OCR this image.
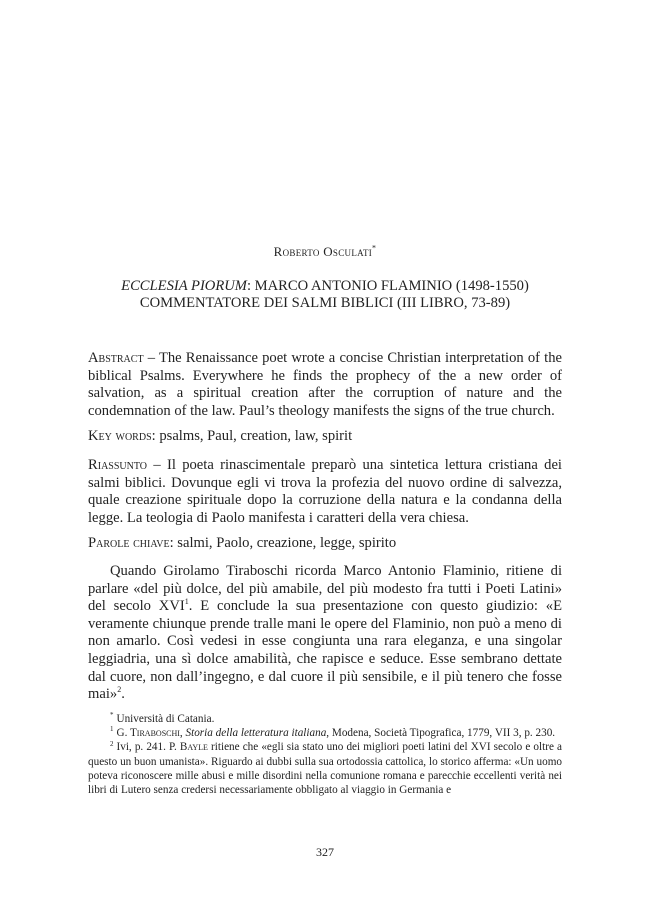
Roberto Osculati*
ECCLESIA PIORUM: MARCO ANTONIO FLAMINIO (1498-1550)
COMMENTATORE DEI SALMI BIBLICI (III LIBRO, 73-89)

Abstract – The Renaissance poet wrote a concise Christian interpretation of the biblical Psalms. Everywhere he finds the prophecy of the a new order of salvation, as a spiritual creation after the corruption of nature and the condemnation of the law. Paul’s theology manifests the signs of the true church.

Key words: psalms, Paul, creation, law, spirit

Riassunto – Il poeta rinascimentale preparò una sintetica lettura cristiana dei salmi biblici. Dovunque egli vi trova la profezia del nuovo ordine di salvezza, quale creazione spirituale dopo la corruzione della natura e la condanna della legge. La teologia di Paolo manifesta i caratteri della vera chiesa.

Parole chiave: salmi, Paolo, creazione, legge, spirito

Quando Girolamo Tiraboschi ricorda Marco Antonio Flaminio, ritiene di parlare «del più dolce, del più amabile, del più modesto fra tutti i Poeti Latini» del secolo XVI$^1$. E conclude la sua presentazione con questo giudizio: «E veramente chiunque prende tralle mani le opere del Flaminio, non può a meno di non amarlo. Così vedesi in esse congiunta una rara eleganza, e una singolar leggiadria, una sì dolce amabilità, che rapisce e seduce. Esse sembrano dettate dal cuore, non dall’ingegno, e dal cuore il più sensibile, e il più tenero che fosse mai»$^2$.

* Università di Catania.

$^1$ G. Tiraboschi, Storia della letteratura italiana, Modena, Società Tipografica, 1779, VII 3, p. 230.

$^2$ Ivi, p. 241. P. Bayle ritiene che «egli sia stato uno dei migliori poeti latini del XVI secolo e oltre a questo un buon umanista». Riguardo ai dubbi sulla sua ortodossia cattolica, lo storico afferma: «Un uomo poteva riconoscere mille abusi e mille disordini nella comunione romana e parecchie eccellenti verità nei libri di Lutero senza credersi necessariamente obbligato al viaggio in Germania e

327
